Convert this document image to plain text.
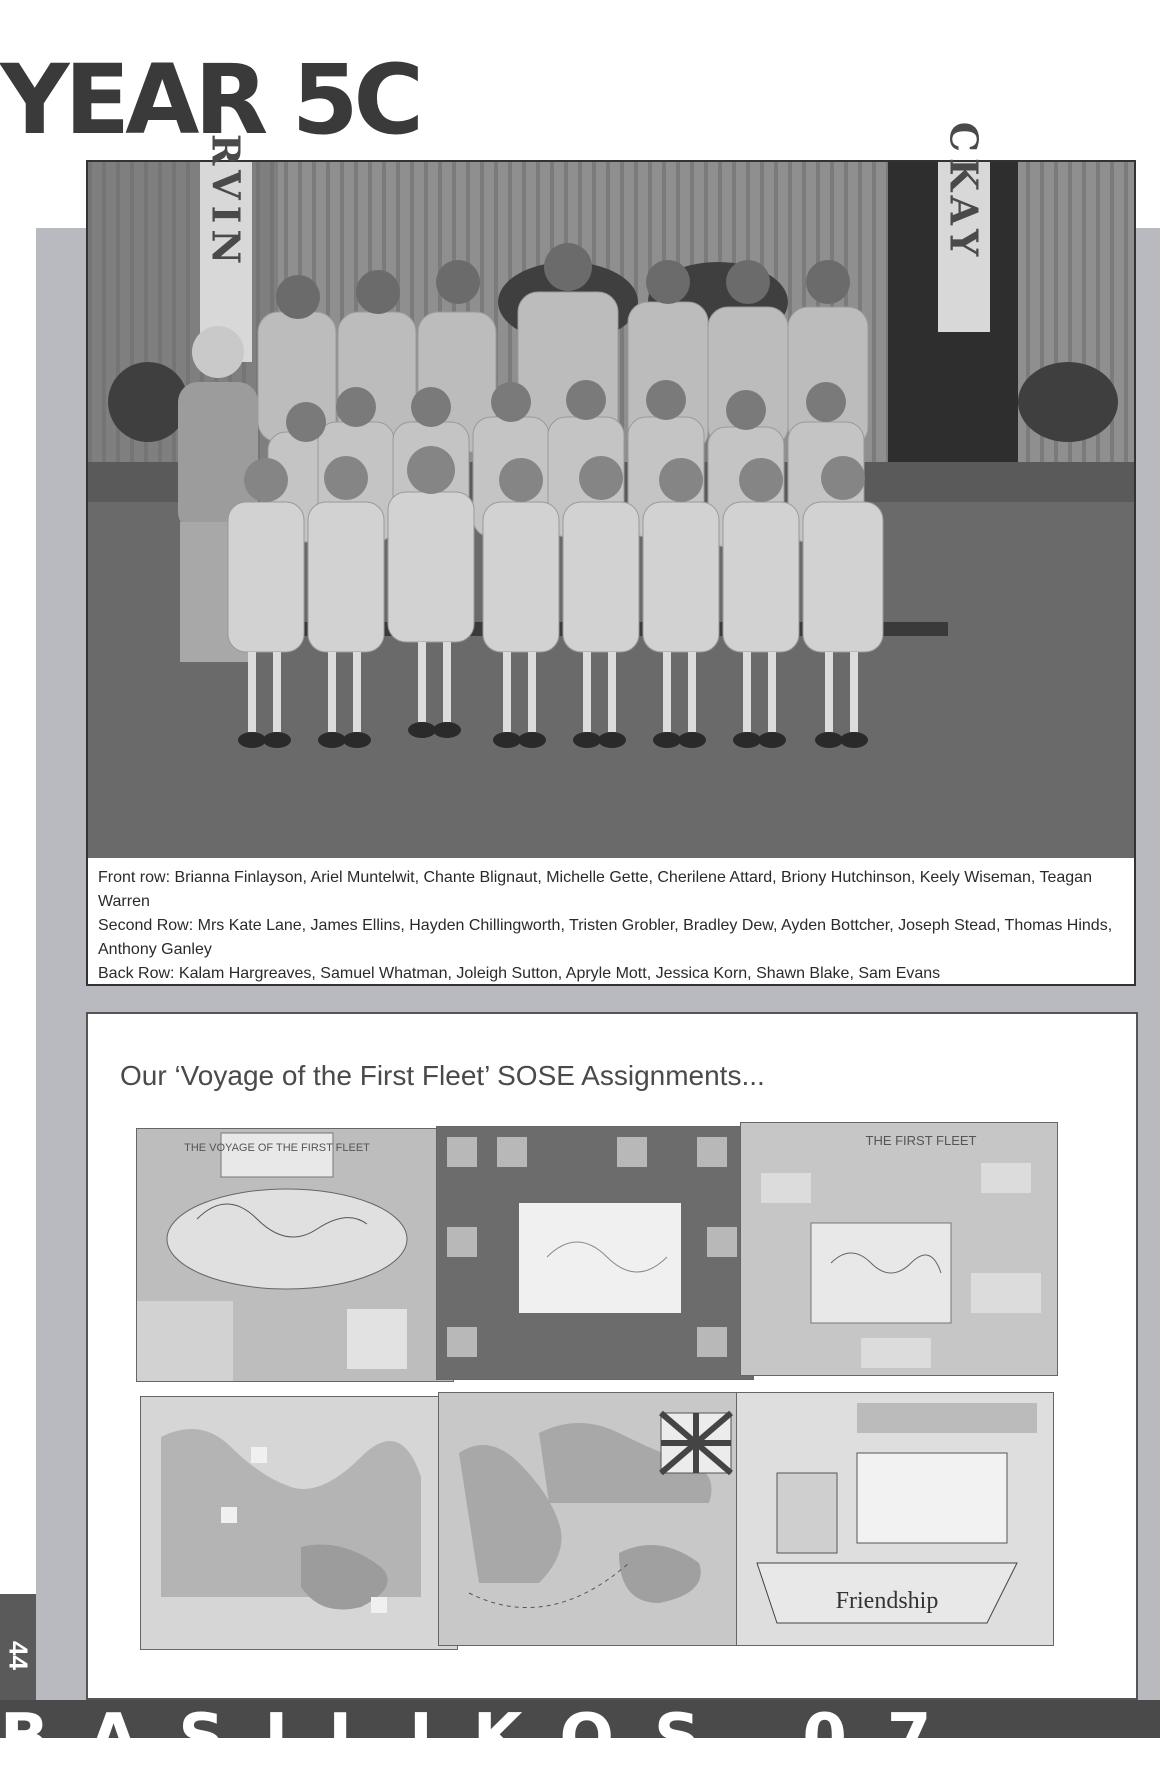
YEAR 5C
RVIN	CKAY
Front row: Brianna Finlayson, Ariel Muntelwit, Chante Blignaut, Michelle Gette, Cherilene Attard, Briony Hutchinson, Keely Wiseman, Teagan Warren
Second Row: Mrs Kate Lane, James Ellins, Hayden Chillingworth, Tristen Grobler, Bradley Dew, Ayden Bottcher, Joseph Stead, Thomas Hinds, Anthony Ganley
Back Row: Kalam Hargreaves, Samuel Whatman, Joleigh Sutton, Apryle Mott, Jessica Korn, Shawn Blake, Sam Evans
Our ‘Voyage of the First Fleet’ SOSE Assignments...
THE VOYAGE OF THE FIRST FLEET	THE FIRST FLEET
Friendship
44
BASILIKOS 07
